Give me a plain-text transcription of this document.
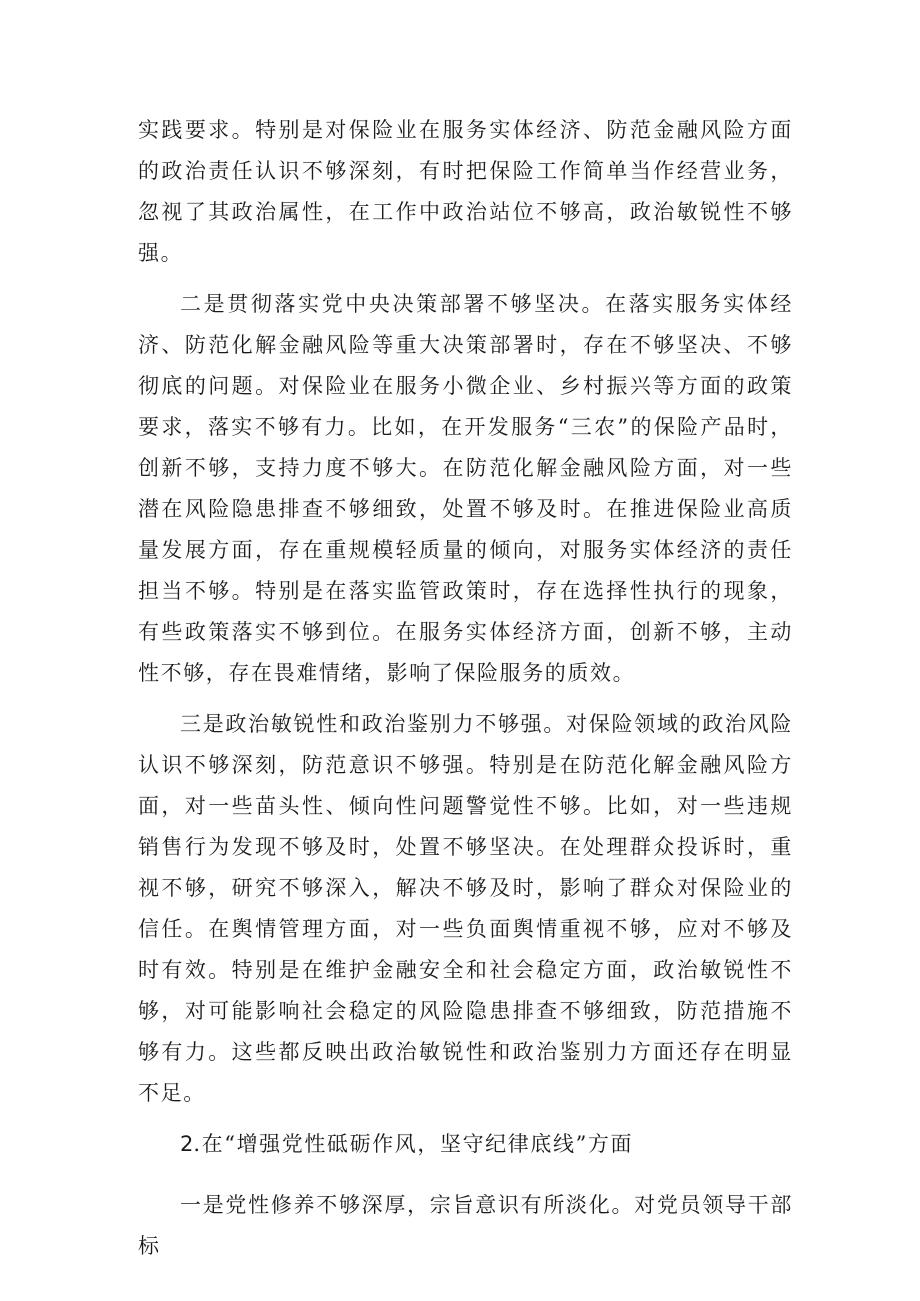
实践要求。特别是对保险业在服务实体经济、防范金融风险方面的政治责任认识不够深刻，有时把保险工作简单当作经营业务，忽视了其政治属性，在工作中政治站位不够高，政治敏锐性不够强。

二是贯彻落实党中央决策部署不够坚决。在落实服务实体经济、防范化解金融风险等重大决策部署时，存在不够坚决、不够彻底的问题。对保险业在服务小微企业、乡村振兴等方面的政策要求，落实不够有力。比如，在开发服务“三农”的保险产品时，创新不够，支持力度不够大。在防范化解金融风险方面，对一些潜在风险隐患排查不够细致，处置不够及时。在推进保险业高质量发展方面，存在重规模轻质量的倾向，对服务实体经济的责任担当不够。特别是在落实监管政策时，存在选择性执行的现象，有些政策落实不够到位。在服务实体经济方面，创新不够，主动性不够，存在畏难情绪，影响了保险服务的质效。

三是政治敏锐性和政治鉴别力不够强。对保险领域的政治风险认识不够深刻，防范意识不够强。特别是在防范化解金融风险方面，对一些苗头性、倾向性问题警觉性不够。比如，对一些违规销售行为发现不够及时，处置不够坚决。在处理群众投诉时，重视不够，研究不够深入，解决不够及时，影响了群众对保险业的信任。在舆情管理方面，对一些负面舆情重视不够，应对不够及时有效。特别是在维护金融安全和社会稳定方面，政治敏锐性不够，对可能影响社会稳定的风险隐患排查不够细致，防范措施不够有力。这些都反映出政治敏锐性和政治鉴别力方面还存在明显不足。

2.在“增强党性砥砺作风，坚守纪律底线”方面

一是党性修养不够深厚，宗旨意识有所淡化。对党员领导干部标
